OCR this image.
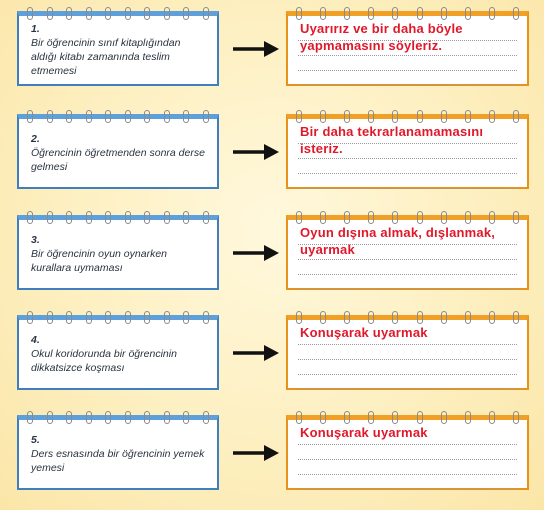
1.
Bir öğrencinin sınıf kitaplığından aldığı kitabı zamanında teslim etmemesi
Uyarırız ve bir daha böyle yapmamasını söyleriz.
2.
Öğrencinin öğretmenden sonra derse gelmesi
Bir daha tekrarlanamamasını isteriz.
3.
Bir öğrencinin oyun oynarken kurallara uymaması
Oyun dışına almak, dışlanmak, uyarmak
4.
Okul koridorunda bir öğrencinin dikkatsizce koşması
Konuşarak uyarmak
5.
Ders esnasında bir öğrencinin yemek yemesi
Konuşarak uyarmak
